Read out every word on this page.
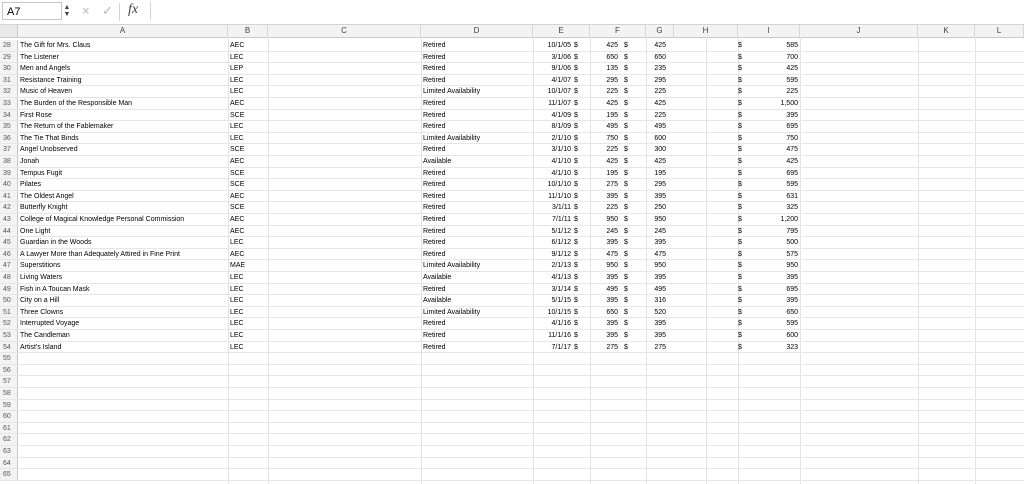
A7	▲
▼ × ✓ fx
A	B	C	D	E	F	G	H	I	J	K	L
28	The Gift for Mrs. Claus	AEC	Retired	10/1/05 $	425 $	425	$	585
29	The Listener	LEC	Retired	3/1/06 $	650 $	650	$	700
30	Men and Angels	LEP	Retired	9/1/06 $	135 $	235	$	425
31	Resistance Training	LEC	Retired	4/1/07 $	295 $	295	$	595
32	Music of Heaven	LEC	Limited Availability	10/1/07 $	225 $	225	$	225
33	The Burden of the Responsible Man	AEC	Retired	11/1/07 $	425 $	425	$	1,500
34	First Rose	SCE	Retired	4/1/09 $	195 $	225	$	395
35	The Return of the Fablemaker	LEC	Retired	8/1/09 $	495 $	495	$	695
36	The Tie That Binds	LEC	Limited Availability	2/1/10 $	750 $	600	$	750
37	Angel Unobserved	SCE	Retired	3/1/10 $	225 $	300	$	475
38	Jonah	AEC	Available	4/1/10 $	425 $	425	$	425
39	Tempus Fugit	SCE	Retired	4/1/10 $	195 $	195	$	695
40	Pilates	SCE	Retired	10/1/10 $	275 $	295	$	595
41	The Oldest Angel	AEC	Retired	11/1/10 $	395 $	395	$	631
42	Butterfly Knight	SCE	Retired	3/1/11 $	225 $	250	$	325
43	College of Magical Knowledge Personal Commission	AEC	Retired	7/1/11 $	950 $	950	$	1,200
44	One Light	AEC	Retired	5/1/12 $	245 $	245	$	795
45	Guardian in the Woods	LEC	Retired	6/1/12 $	395 $	395	$	500
46	A Lawyer More than Adequately Attired in Fine Print	AEC	Retired	9/1/12 $	475 $	475	$	575
47	Superstitions	MAE	Limited Availability	2/1/13 $	950 $	950	$	950
48	Living Waters	LEC	Available	4/1/13 $	395 $	395	$	395
49	Fish in A Toucan Mask	LEC	Retired	3/1/14 $	495 $	495	$	695
50	City on a Hill	LEC	Available	5/1/15 $	395 $	316	$	395
51	Three Clowns	LEC	Limited Availability	10/1/15 $	650 $	520	$	650
52	Interrupted Voyage	LEC	Retired	4/1/16 $	395 $	395	$	595
53	The Candleman	LEC	Retired	11/1/16 $	395 $	395	$	600
54	Artist's Island	LEC	Retired	7/1/17 $	275 $	275	$	323
55
56
57
58
59
60
61
62
63
64
65
